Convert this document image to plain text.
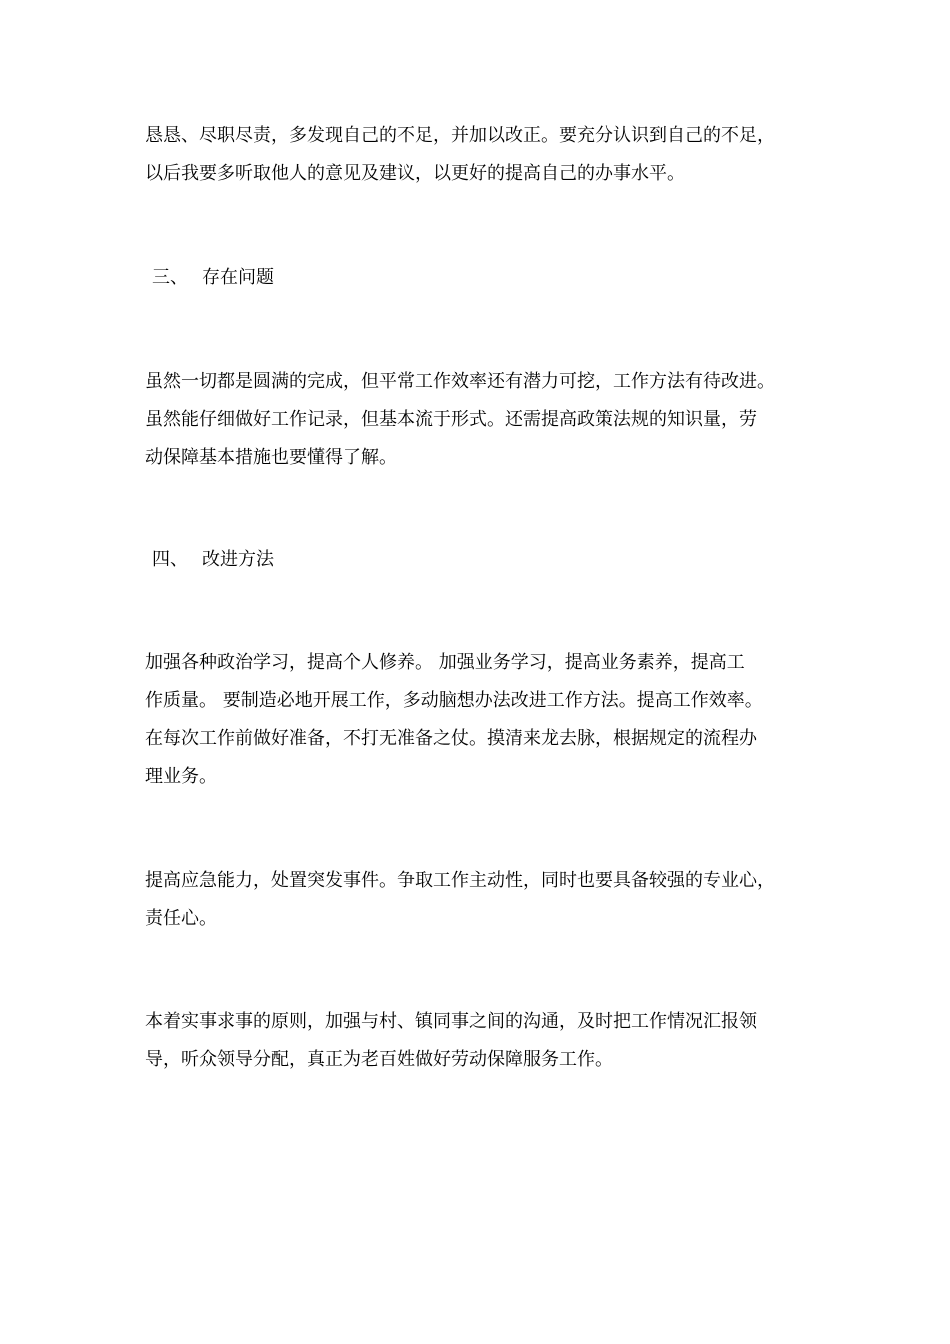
恳恳、尽职尽责，多发现自己的不足，并加以改正。要充分认识到自己的不足，

以后我要多听取他人的意见及建议，以更好的提高自己的办事水平。

三、 存在问题

虽然一切都是圆满的完成，但平常工作效率还有潜力可挖，工作方法有待改进。

虽然能仔细做好工作记录，但基本流于形式。还需提高政策法规的知识量，劳

动保障基本措施也要懂得了解。

四、 改进方法

加强各种政治学习，提高个人修养。 加强业务学习，提高业务素养，提高工

作质量。 要制造必地开展工作，多动脑想办法改进工作方法。提高工作效率。

在每次工作前做好准备，不打无准备之仗。摸清来龙去脉，根据规定的流程办

理业务。

提高应急能力，处置突发事件。争取工作主动性，同时也要具备较强的专业心，

责任心。

本着实事求事的原则，加强与村、镇同事之间的沟通，及时把工作情况汇报领

导，听众领导分配，真正为老百姓做好劳动保障服务工作。
